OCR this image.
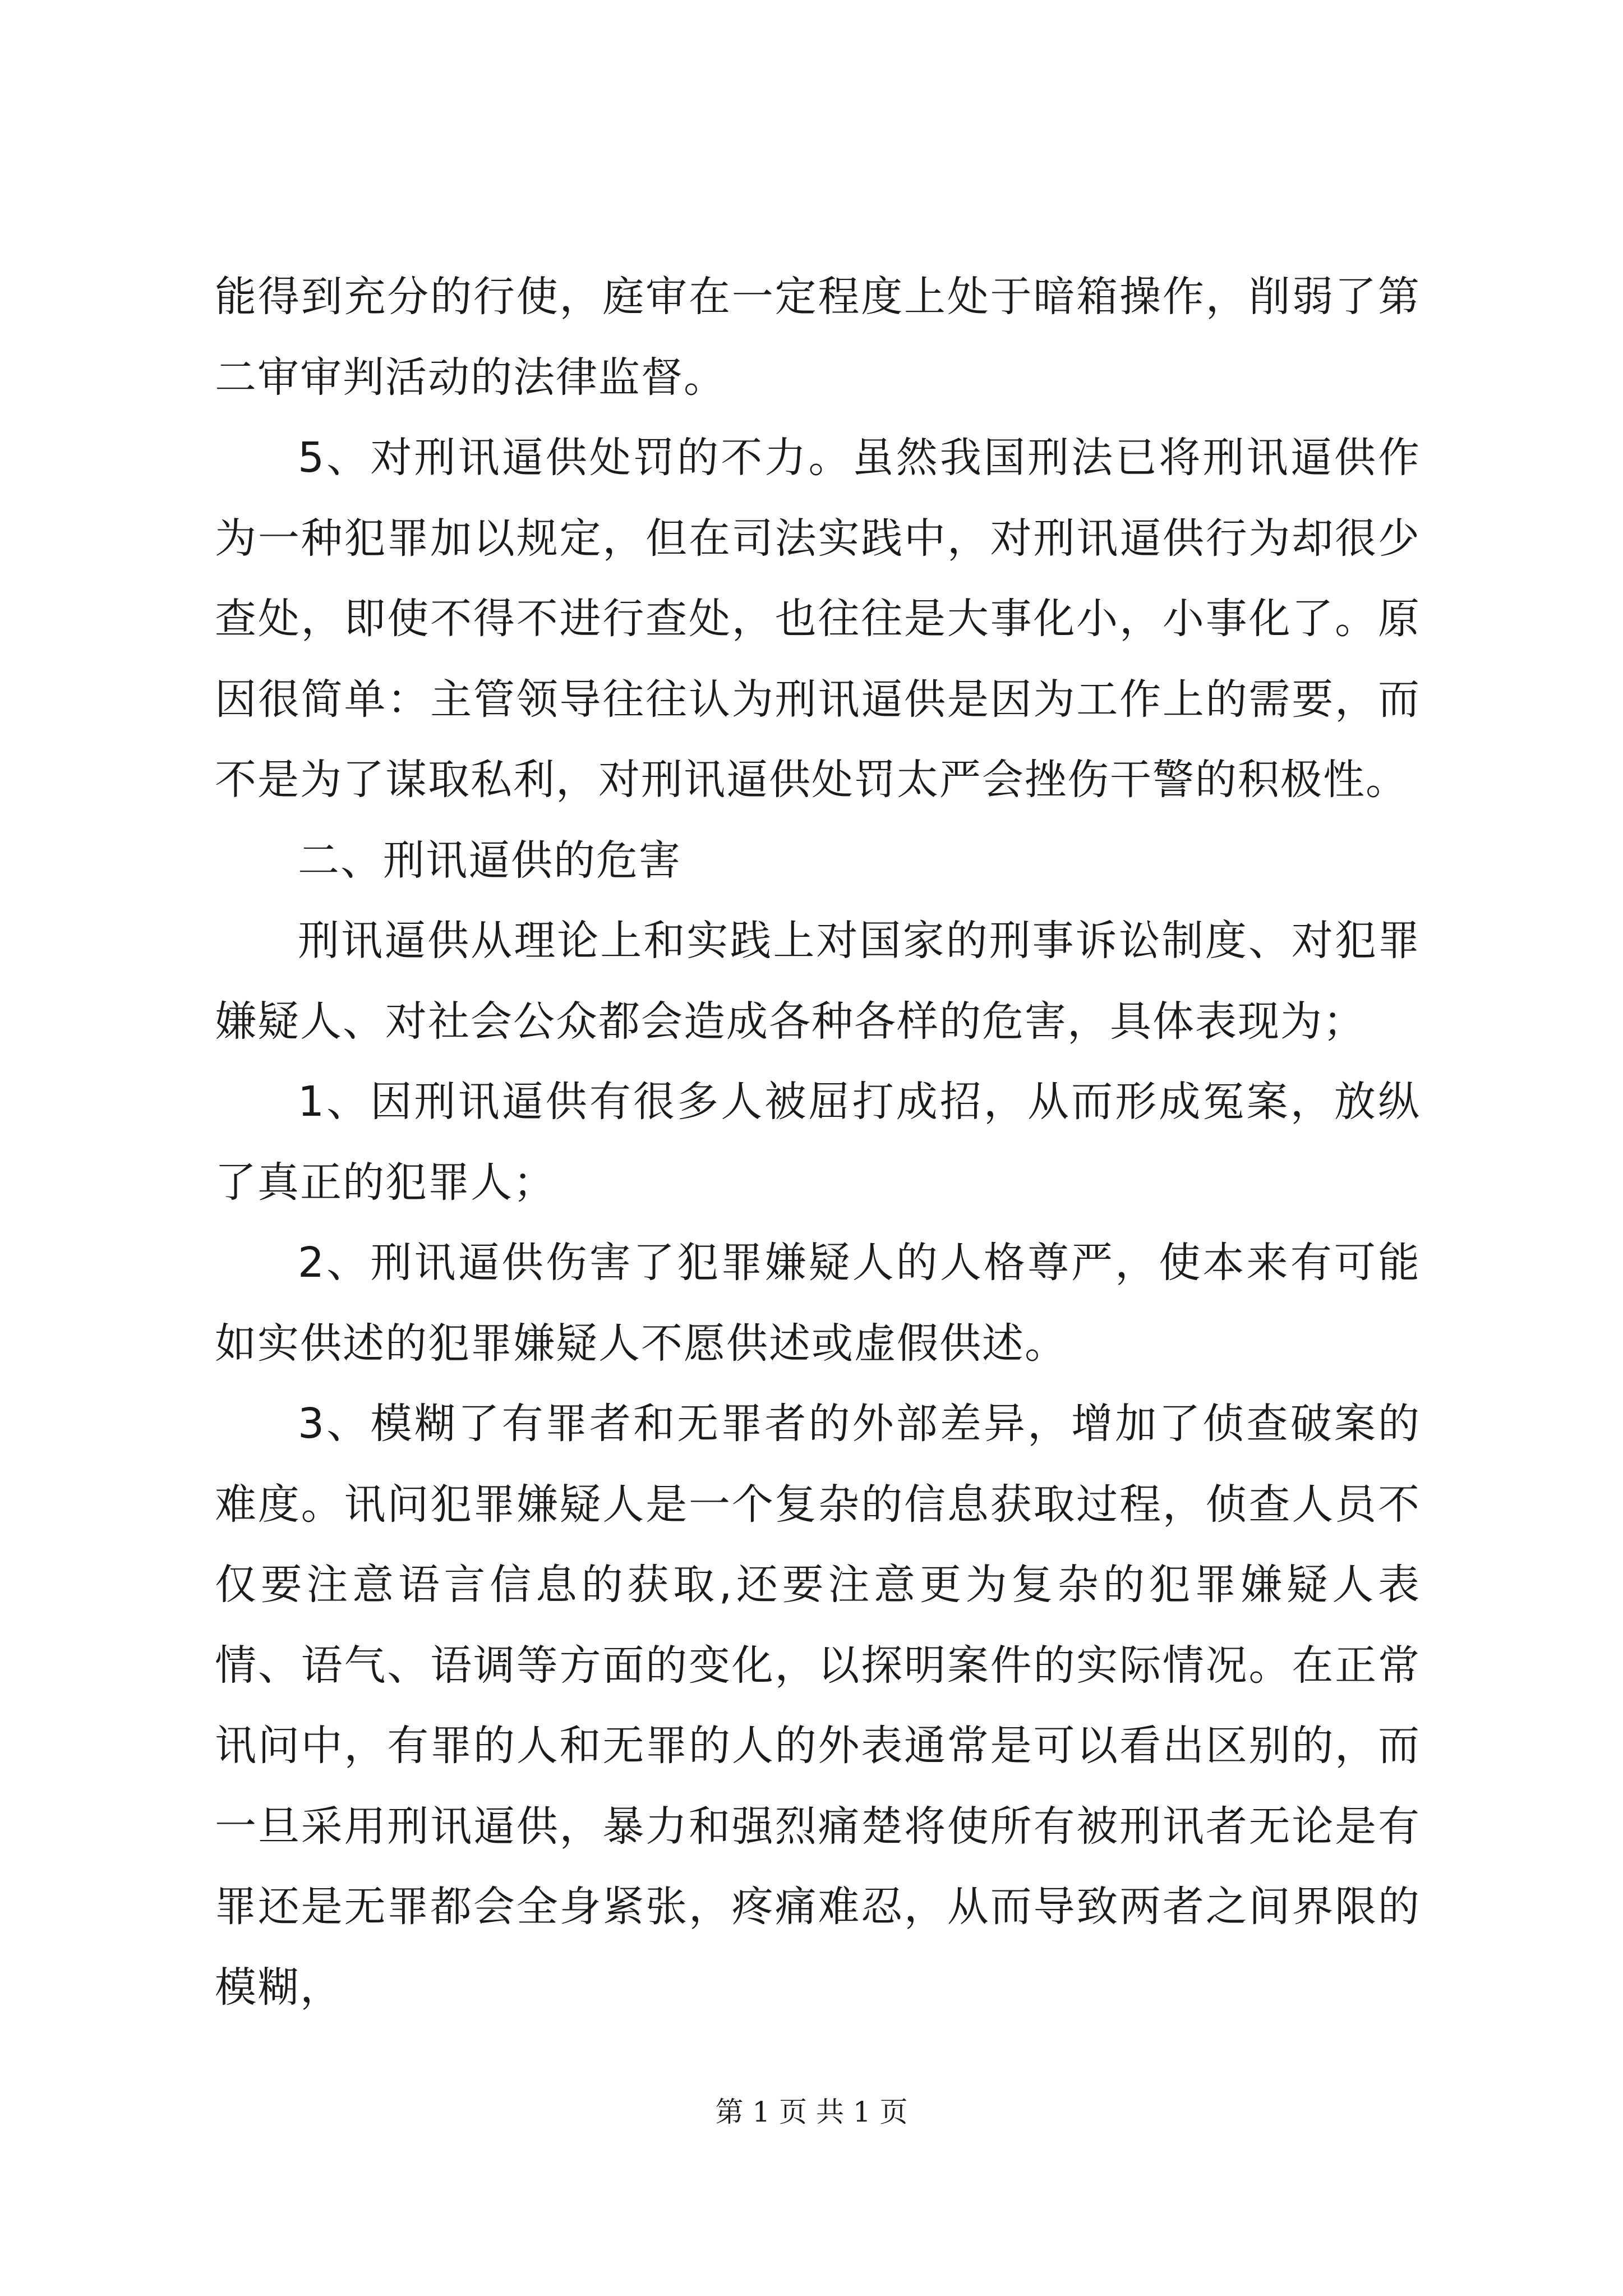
能得到充分的行使，庭审在一定程度上处于暗箱操作，削弱了第二审审判活动的法律监督。

5、对刑讯逼供处罚的不力。虽然我国刑法已将刑讯逼供作为一种犯罪加以规定，但在司法实践中，对刑讯逼供行为却很少查处，即使不得不进行查处，也往往是大事化小，小事化了。原因很简单：主管领导往往认为刑讯逼供是因为工作上的需要，而不是为了谋取私利，对刑讯逼供处罚太严会挫伤干警的积极性。

二、刑讯逼供的危害

刑讯逼供从理论上和实践上对国家的刑事诉讼制度、对犯罪嫌疑人、对社会公众都会造成各种各样的危害，具体表现为；

1、因刑讯逼供有很多人被屈打成招，从而形成冤案，放纵了真正的犯罪人；

2、刑讯逼供伤害了犯罪嫌疑人的人格尊严，使本来有可能如实供述的犯罪嫌疑人不愿供述或虚假供述。

3、模糊了有罪者和无罪者的外部差异，增加了侦查破案的难度。讯问犯罪嫌疑人是一个复杂的信息获取过程，侦查人员不仅要注意语言信息的获取,还要注意更为复杂的犯罪嫌疑人表情、语气、语调等方面的变化，以探明案件的实际情况。在正常讯问中，有罪的人和无罪的人的外表通常是可以看出区别的，而一旦采用刑讯逼供，暴力和强烈痛楚将使所有被刑讯者无论是有罪还是无罪都会全身紧张，疼痛难忍，从而导致两者之间界限的模糊，

第 1 页 共 1 页
